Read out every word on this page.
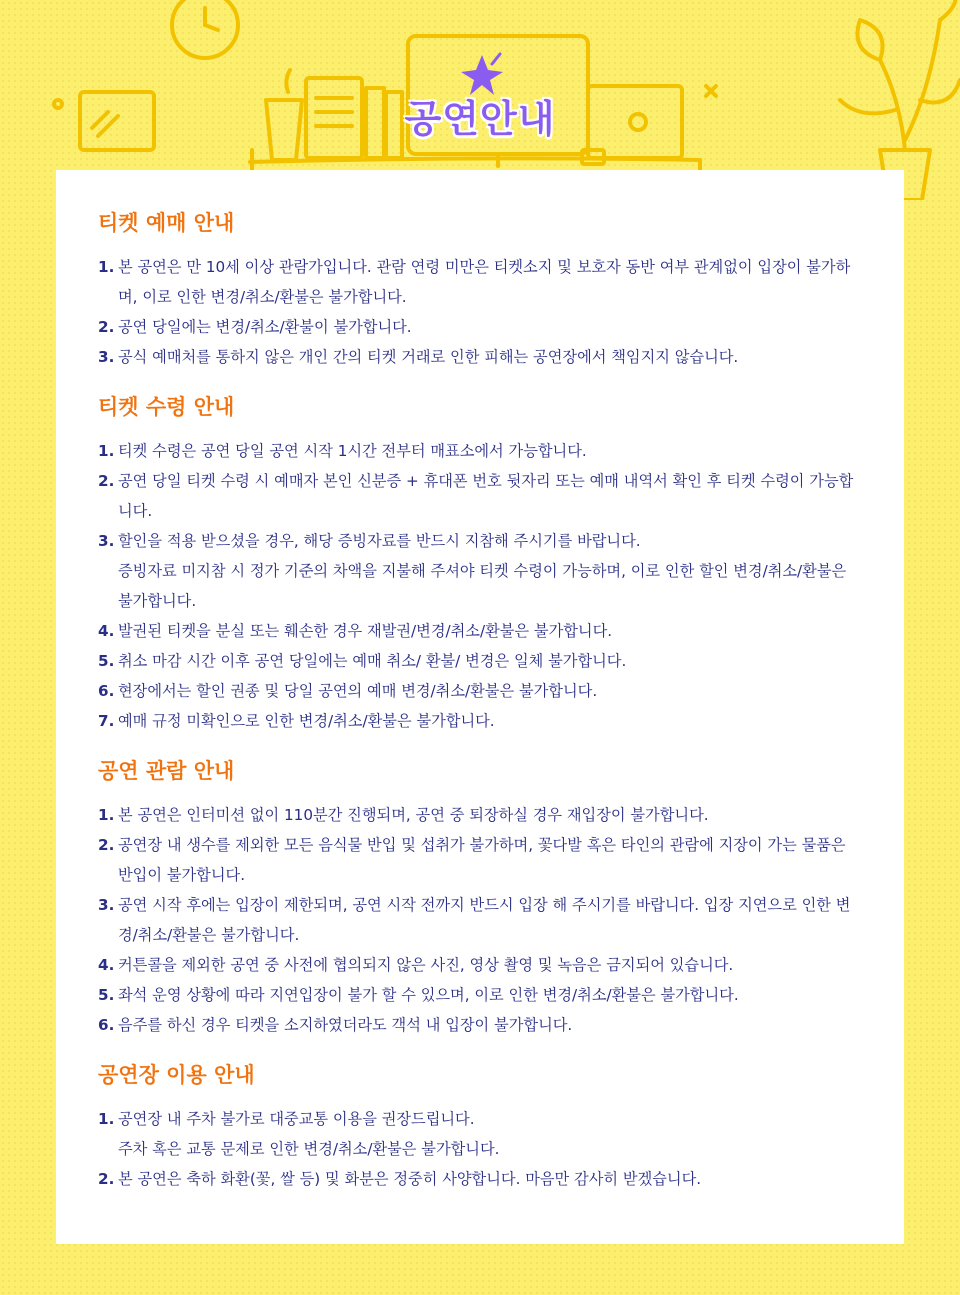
공연안내
티켓 예매 안내
1. 본 공연은 만 10세 이상 관람가입니다. 관람 연령 미만은 티켓소지 및 보호자 동반 여부 관계없이 입장이 불가하며, 이로 인한 변경/취소/환불은 불가합니다.
2. 공연 당일에는 변경/취소/환불이 불가합니다.
3. 공식 예매처를 통하지 않은 개인 간의 티켓 거래로 인한 피해는 공연장에서 책임지지 않습니다.
티켓 수령 안내
1. 티켓 수령은 공연 당일 공연 시작 1시간 전부터 매표소에서 가능합니다.
2. 공연 당일 티켓 수령 시 예매자 본인 신분증 + 휴대폰 번호 뒷자리 또는 예매 내역서 확인 후 티켓 수령이 가능합니다.
3. 할인을 적용 받으셨을 경우, 해당 증빙자료를 반드시 지참해 주시기를 바랍니다.
증빙자료 미지참 시 정가 기준의 차액을 지불해 주셔야 티켓 수령이 가능하며, 이로 인한 할인 변경/취소/환불은 불가합니다.
4. 발권된 티켓을 분실 또는 훼손한 경우 재발권/변경/취소/환불은 불가합니다.
5. 취소 마감 시간 이후 공연 당일에는 예매 취소/ 환불/ 변경은 일체 불가합니다.
6. 현장에서는 할인 권종 및 당일 공연의 예매 변경/취소/환불은 불가합니다.
7. 예매 규정 미확인으로 인한 변경/취소/환불은 불가합니다.
공연 관람 안내
1. 본 공연은 인터미션 없이 110분간 진행되며, 공연 중 퇴장하실 경우 재입장이 불가합니다.
2. 공연장 내 생수를 제외한 모든 음식물 반입 및 섭취가 불가하며, 꽃다발 혹은 타인의 관람에 지장이 가는 물품은 반입이 불가합니다.
3. 공연 시작 후에는 입장이 제한되며, 공연 시작 전까지 반드시 입장 해 주시기를 바랍니다. 입장 지연으로 인한 변경/취소/환불은 불가합니다.
4. 커튼콜을 제외한 공연 중 사전에 협의되지 않은 사진, 영상 촬영 및 녹음은 금지되어 있습니다.
5. 좌석 운영 상황에 따라 지연입장이 불가 할 수 있으며, 이로 인한 변경/취소/환불은 불가합니다.
6. 음주를 하신 경우 티켓을 소지하였더라도 객석 내 입장이 불가합니다.
공연장 이용 안내
1. 공연장 내 주차 불가로 대중교통 이용을 권장드립니다.
주차 혹은 교통 문제로 인한 변경/취소/환불은 불가합니다.
2. 본 공연은 축하 화환(꽃, 쌀 등) 및 화분은 정중히 사양합니다. 마음만 감사히 받겠습니다.
